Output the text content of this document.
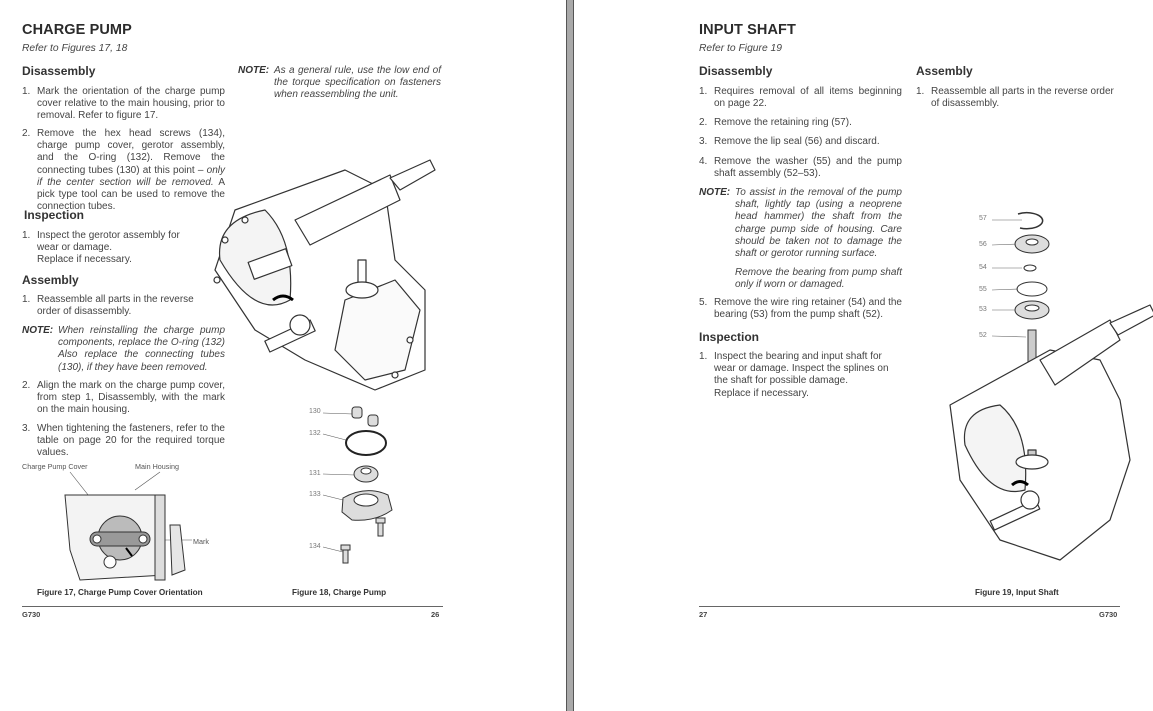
CHARGE PUMP
Refer to Figures 17, 18
Disassembly
1. Mark the orientation of the charge pump cover relative to the main housing, prior to removal. Refer to figure 17.
2. Remove the hex head screws (134), charge pump cover, gerotor assembly, and the O-ring (132). Remove the connecting tubes (130) at this point – only if the center section will be removed. A pick type tool can be used to remove the connection tubes.
Inspection
1. Inspect the gerotor assembly for
wear or damage.
Replace if necessary.
Assembly
1. Reassemble all parts in the reverse
order of disassembly.
NOTE: When reinstalling the charge pump components, replace the O-ring (132) Also replace the connecting tubes (130), if they have been removed.
2. Align the mark on the charge pump cover, from step 1, Disassembly, with the mark on the main housing.
3. When tightening the fasteners, refer to the table on page 20 for the required torque values.
NOTE: As a general rule, use the low end of the torque specification on fasteners when reassembling the unit.
130
132
131
133
134
Charge Pump Cover	Main Housing
Mark
Figure 17, Charge Pump Cover Orientation	Figure 18, Charge Pump
G730	26
INPUT SHAFT
Refer to Figure 19
Disassembly
1. Requires removal of all items beginning on page 22.
2. Remove the retaining ring (57).
3. Remove the lip seal (56) and discard.
4. Remove the washer (55) and the pump shaft assembly (52–53).
NOTE: To assist in the removal of the pump shaft, lightly tap (using a neoprene head hammer) the shaft from the charge pump side of housing. Care should be taken not to damage the shaft or gerotor running surface.
Remove the bearing from pump shaft only if worn or damaged.
5. Remove the wire ring retainer (54) and the bearing (53) from the pump shaft (52).
Inspection
1. Inspect the bearing and input shaft for
wear or damage. Inspect the splines on
the shaft for possible damage.
Replace if necessary.
Assembly
1. Reassemble all parts in the reverse order of disassembly.
57
56
54
55
53
52
Figure 19, Input Shaft
27	G730
